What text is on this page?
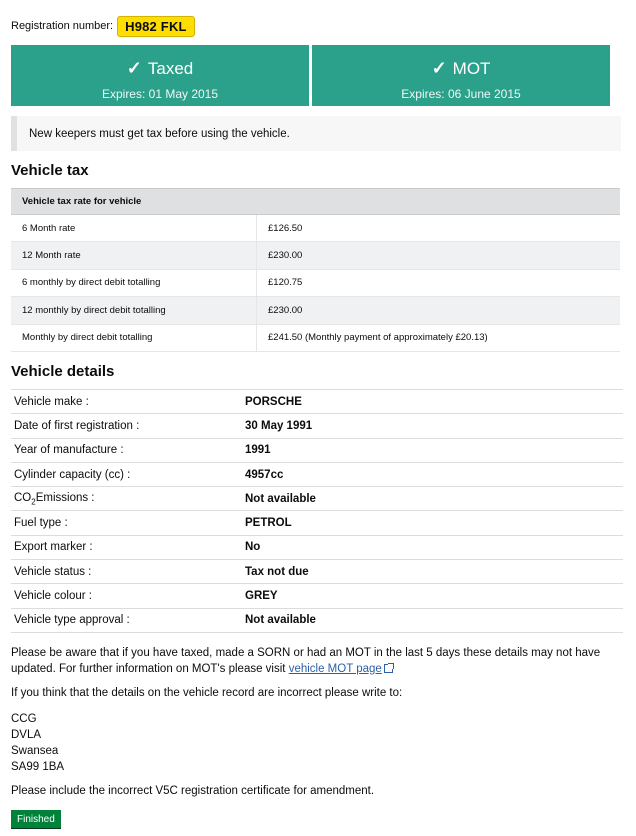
Registration number: H982 FKL
✓ Taxed
Expires: 01 May 2015
✓ MOT
Expires: 06 June 2015
New keepers must get tax before using the vehicle.
Vehicle tax
Vehicle tax rate for vehicle
6 Month rate	£126.50
12 Month rate	£230.00
6 monthly by direct debit totalling	£120.75
12 monthly by direct debit totalling	£230.00
Monthly by direct debit totalling	£241.50 (Monthly payment of approximately £20.13)
Vehicle details
Vehicle make :	PORSCHE
Date of first registration :	30 May 1991
Year of manufacture :	1991
Cylinder capacity (cc) :	4957cc
$CO_2Emissions$ :	Not available
Fuel type :	PETROL
Export marker :	No
Vehicle status :	Tax not due
Vehicle colour :	GREY
Vehicle type approval :	Not available

Please be aware that if you have taxed, made a SORN or had an MOT in the last 5 days these details may not have updated. For further information on MOT's please visit vehicle MOT page

If you think that the details on the vehicle record are incorrect please write to:

CCG
DVLA
Swansea
SA99 1BA

Please include the incorrect V5C registration certificate for amendment.

Finished
